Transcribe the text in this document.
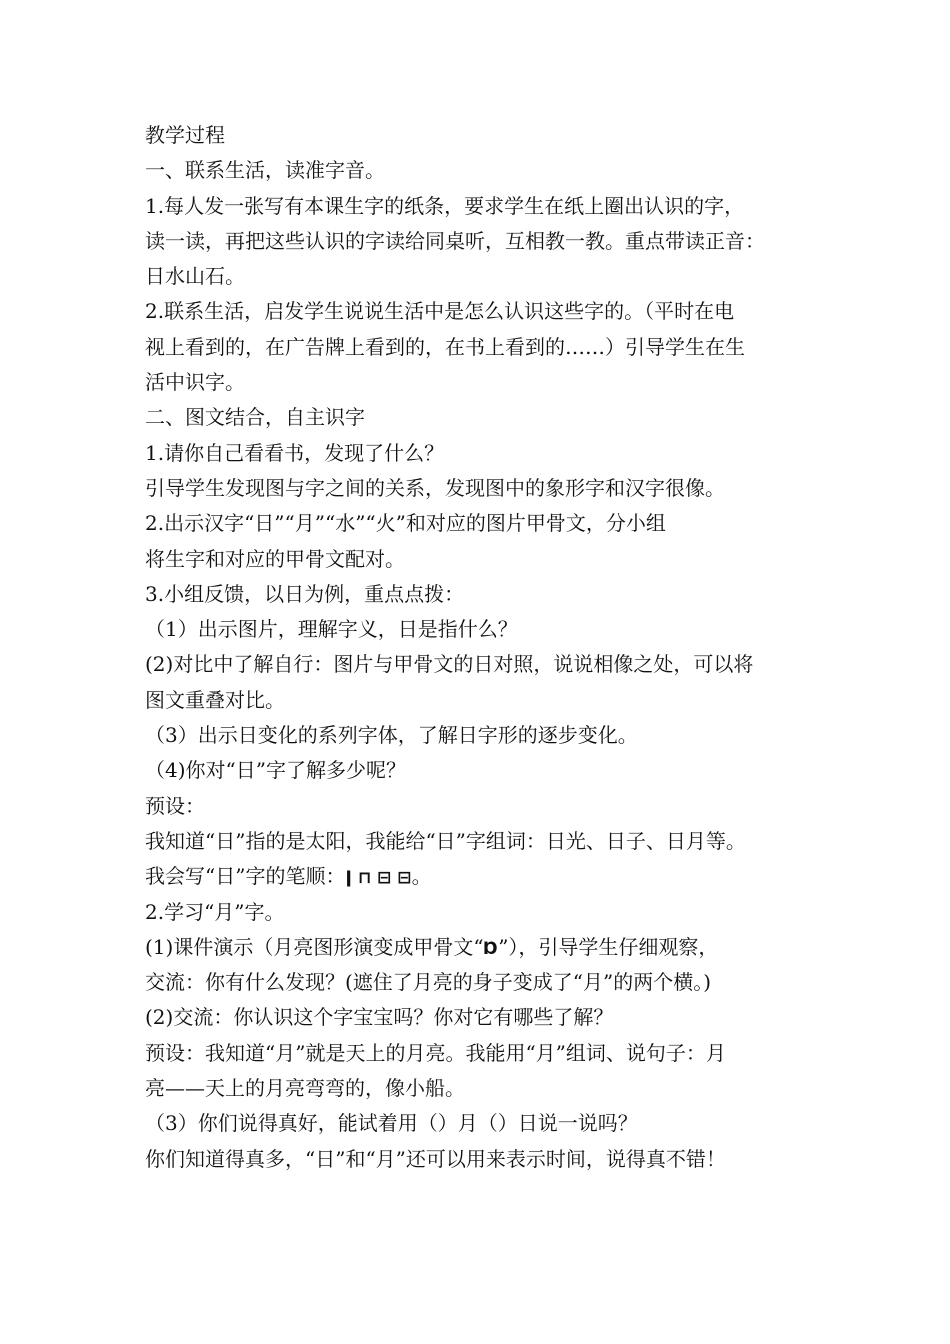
教学过程
一、联系生活，读准字音。
1.每人发一张写有本课生字的纸条，要求学生在纸上圈出认识的字，
读一读，再把这些认识的字读给同桌听，互相教一教。重点带读正音：
日水山石。
2.联系生活，启发学生说说生活中是怎么认识这些字的。（平时在电
视上看到的，在广告牌上看到的，在书上看到的……）引导学生在生
活中识字。
二、图文结合，自主识字
1.请你自己看看书，发现了什么？
引导学生发现图与字之间的关系，发现图中的象形字和汉字很像。
2.出示汉字“日”“月”“水”“火”和对应的图片甲骨文，分小组
将生字和对应的甲骨文配对。
3.小组反馈，以日为例，重点点拨：
（1）出示图片，理解字义，日是指什么？
(2)对比中了解自行：图片与甲骨文的日对照，说说相像之处，可以将
图文重叠对比。
（3）出示日变化的系列字体，了解日字形的逐步变化。
（4)你对“日”字了解多少呢？
预设：
我知道“日”指的是太阳，我能给“日”字组词：日光、日子、日月等。
我会写“日”字的笔顺：ǀ ⊓ ⊟ ⊟。
2.学习“月”字。
(1)课件演示（月亮图形演变成甲骨文“Ɒ”），引导学生仔细观察，
交流：你有什么发现？(遮住了月亮的身子变成了“月”的两个横。)
(2)交流：你认识这个字宝宝吗？你对它有哪些了解？
预设：我知道“月”就是天上的月亮。我能用“月”组词、说句子：月
亮——天上的月亮弯弯的，像小船。
（3）你们说得真好，能试着用（）月（）日说一说吗？
你们知道得真多，“日”和“月”还可以用来表示时间，说得真不错！
